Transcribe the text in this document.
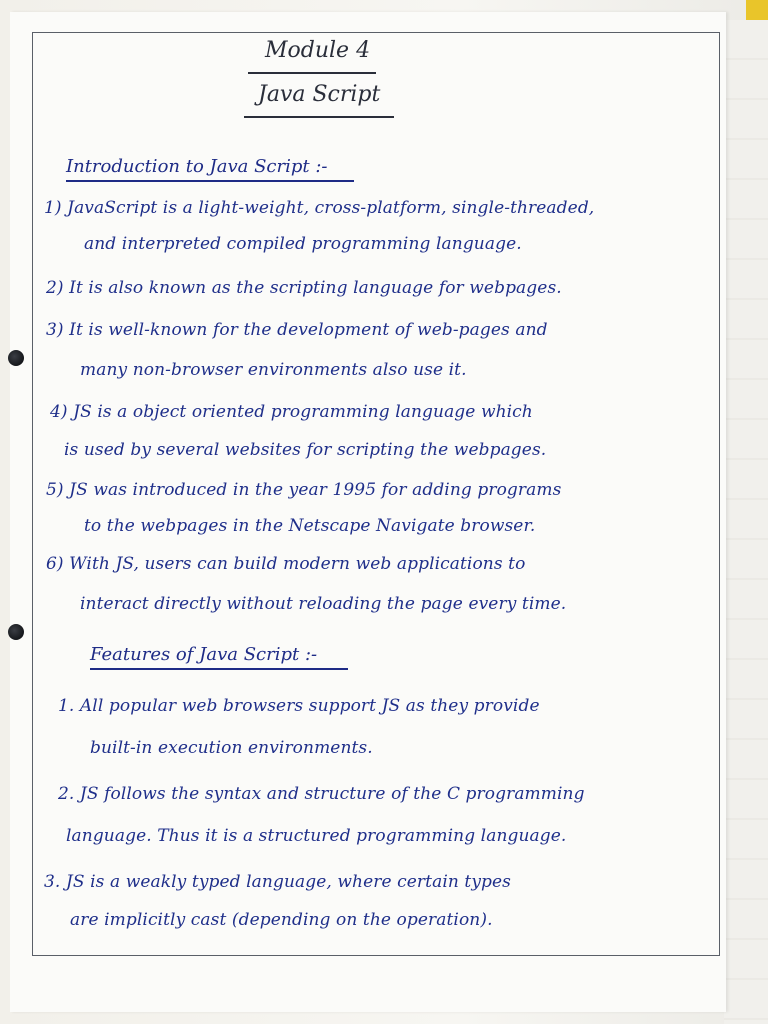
Module 4
Java Script
Introduction to Java Script :-
1) JavaScript is a light-weight, cross-platform, single-threaded,
and interpreted compiled programming language.
2) It is also known as the scripting language for webpages.
3) It is well-known for the development of web-pages and
many non-browser environments also use it.
4) JS is a object oriented programming language which
is used by several websites for scripting the webpages.
5) JS was introduced in the year 1995 for adding programs
to the webpages in the Netscape Navigate browser.
6) With JS, users can build modern web applications to
interact directly without reloading the page every time.
Features of Java Script :-
1. All popular web browsers support JS as they provide
built-in execution environments.
2. JS follows the syntax and structure of the C programming
language. Thus it is a structured programming language.
3. JS is a weakly typed language, where certain types
are implicitly cast (depending on the operation).
